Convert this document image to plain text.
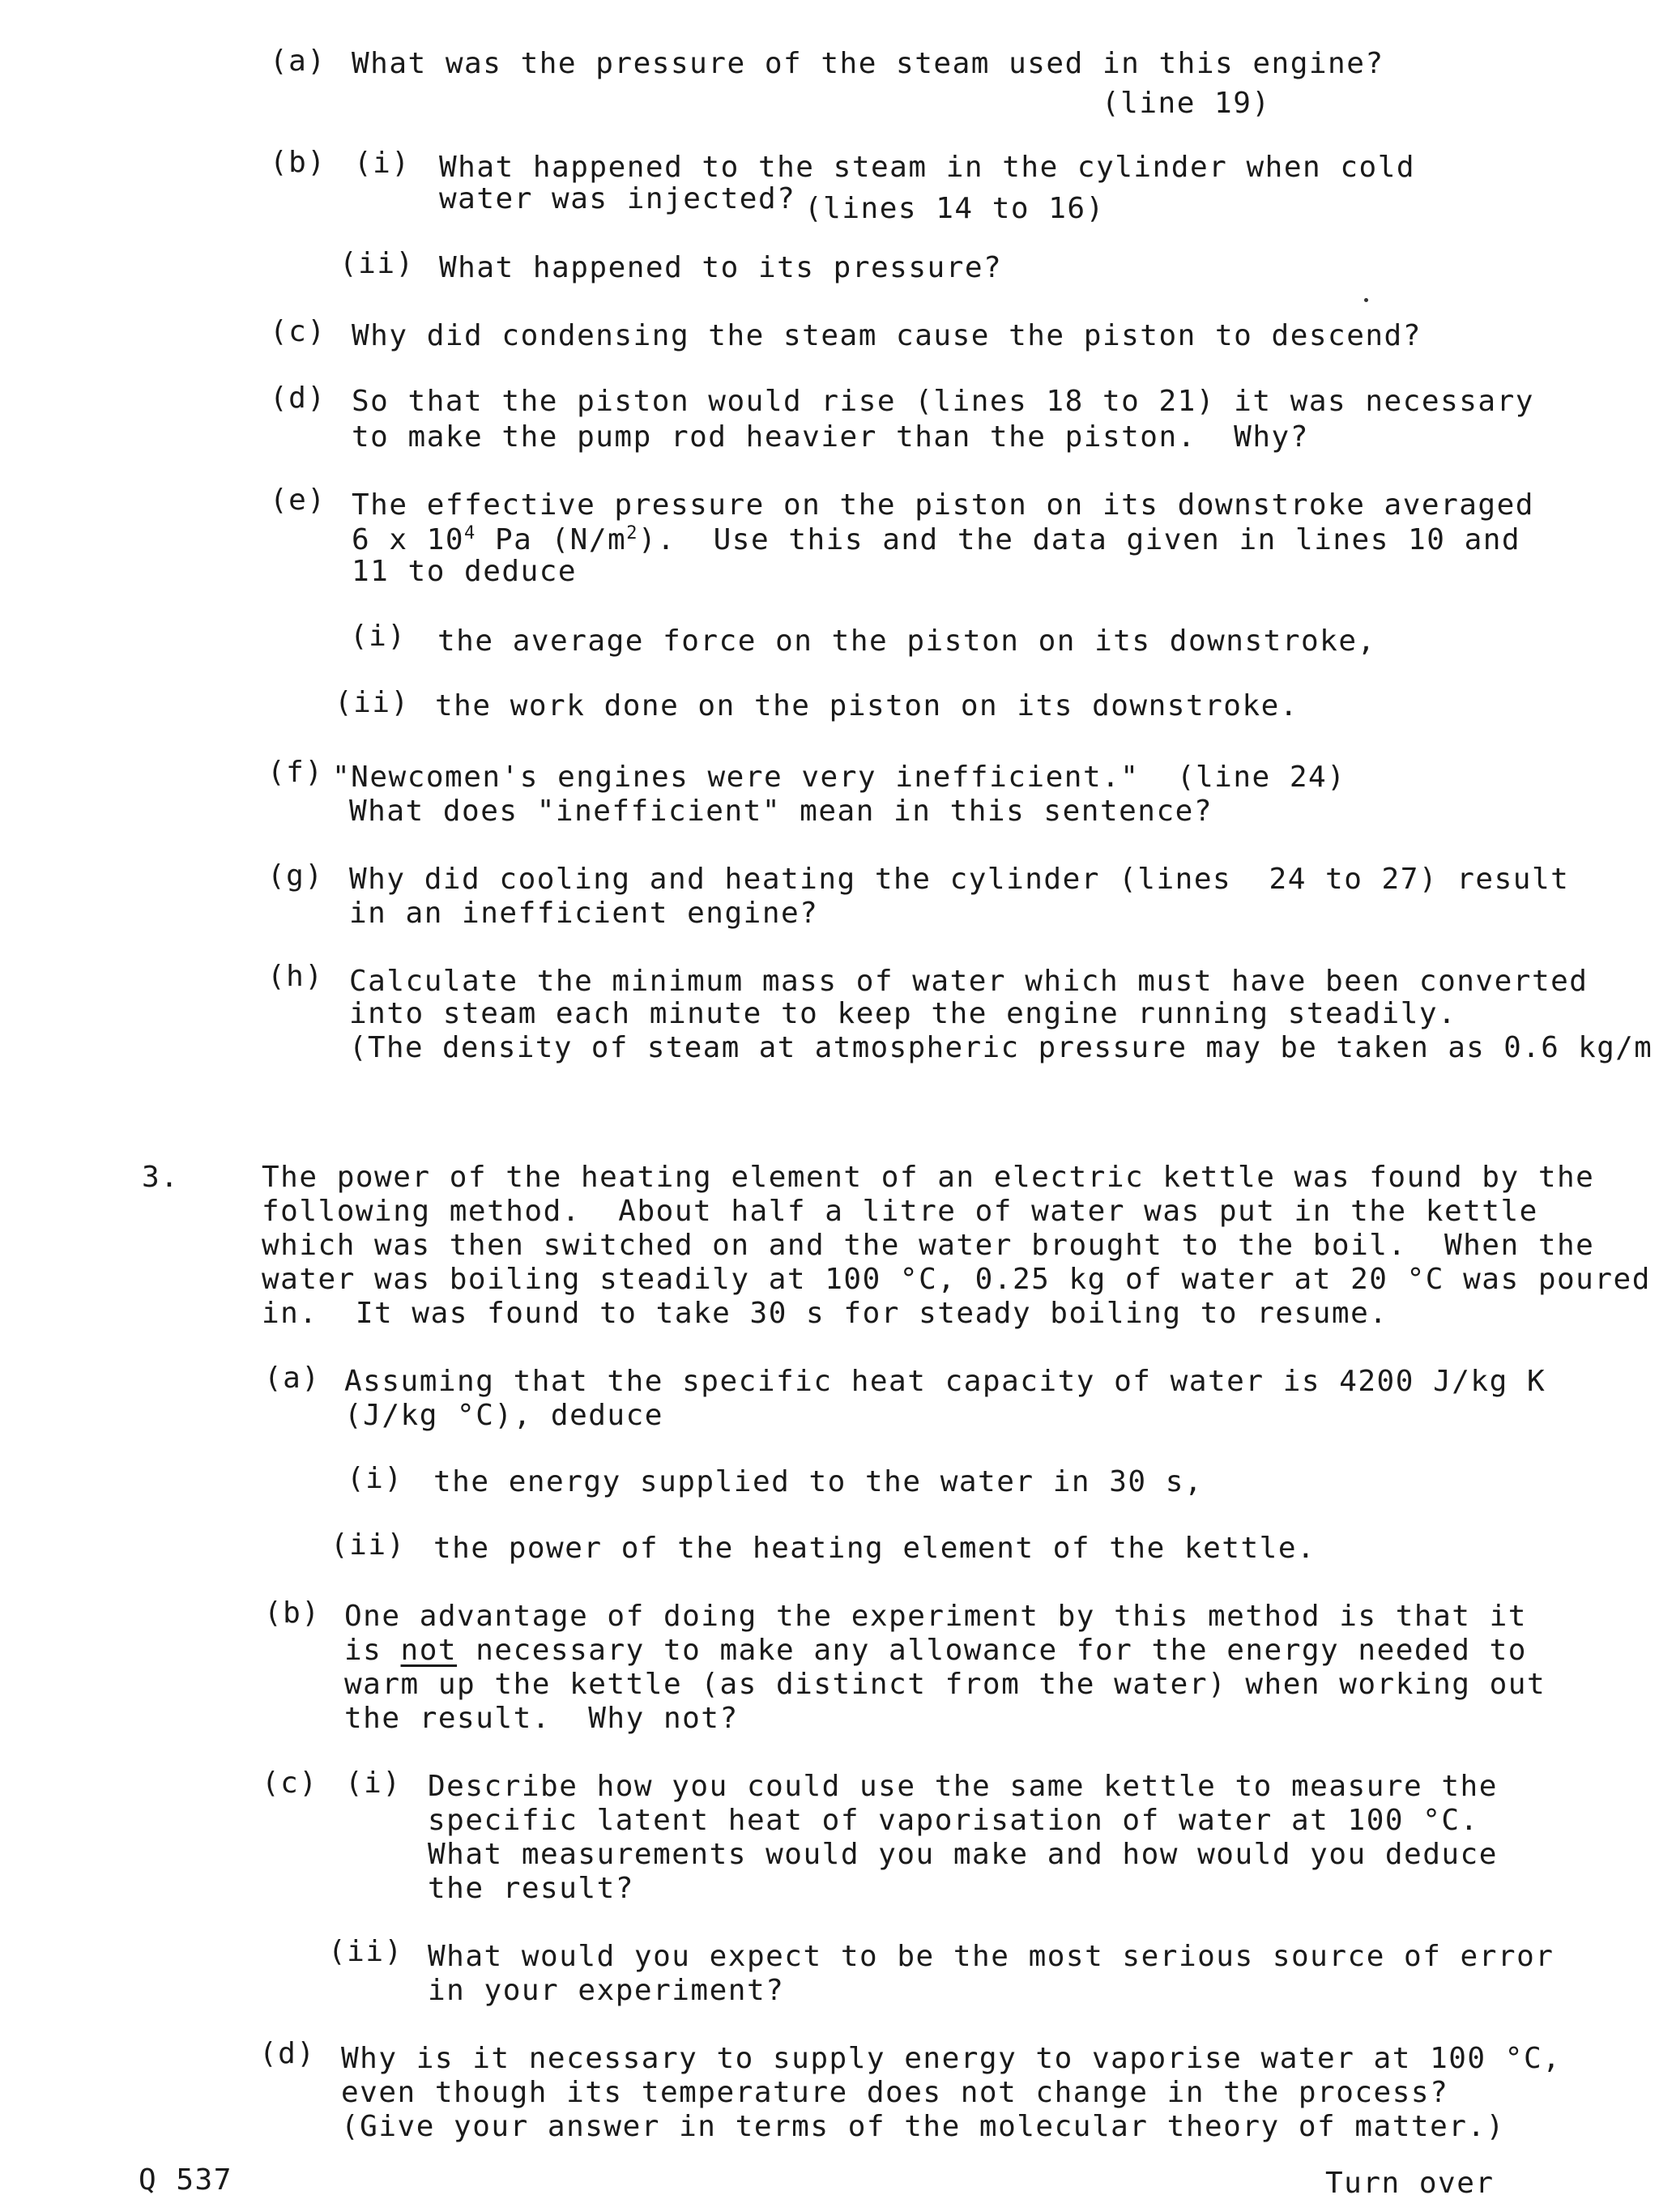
(a) What was the pressure of the steam used in this engine?
(line 19)
(b) (i) What happened to the steam in the cylinder when cold
water was injected? (lines 14 to 16)
(ii) What happened to its pressure?
(c) Why did condensing the steam cause the piston to descend?
(d) So that the piston would rise (lines 18 to 21) it was necessary
to make the pump rod heavier than the piston.  Why?
(e) The effective pressure on the piston on its downstroke averaged
6 x $10^4$ Pa $(N/m^2)$.  Use this and the data given in lines 10 and
11 to deduce
(i) the average force on the piston on its downstroke,
(ii) the work done on the piston on its downstroke.
(f) "Newcomen's engines were very inefficient."  (line 24)
What does "inefficient" mean in this sentence?
(g) Why did cooling and heating the cylinder (lines  24 to 27) result
in an inefficient engine?
(h) Calculate the minimum mass of water which must have been converted
into steam each minute to keep the engine running steadily.
(The density of steam at atmospheric pressure may be taken as 0.6 kg/m
3.	The power of the heating element of an electric kettle was found by the
following method.  About half a litre of water was put in the kettle
which was then switched on and the water brought to the boil.  When the
water was boiling steadily at 100 °C, 0.25 kg of water at 20 °C was poured
in.  It was found to take 30 s for steady boiling to resume.
(a) Assuming that the specific heat capacity of water is 4200 J/kg K
(J/kg °C), deduce
(i) the energy supplied to the water in 30 s,
(ii) the power of the heating element of the kettle.
(b) One advantage of doing the experiment by this method is that it
is not necessary to make any allowance for the energy needed to
warm up the kettle (as distinct from the water) when working out
the result.  Why not?
(c) (i) Describe how you could use the same kettle to measure the
specific latent heat of vaporisation of water at 100 °C.
What measurements would you make and how would you deduce
the result?
(ii) What would you expect to be the most serious source of error
in your experiment?
(d) Why is it necessary to supply energy to vaporise water at 100 °C,
even though its temperature does not change in the process?
(Give your answer in terms of the molecular theory of matter.)
Q 537	Turn over
